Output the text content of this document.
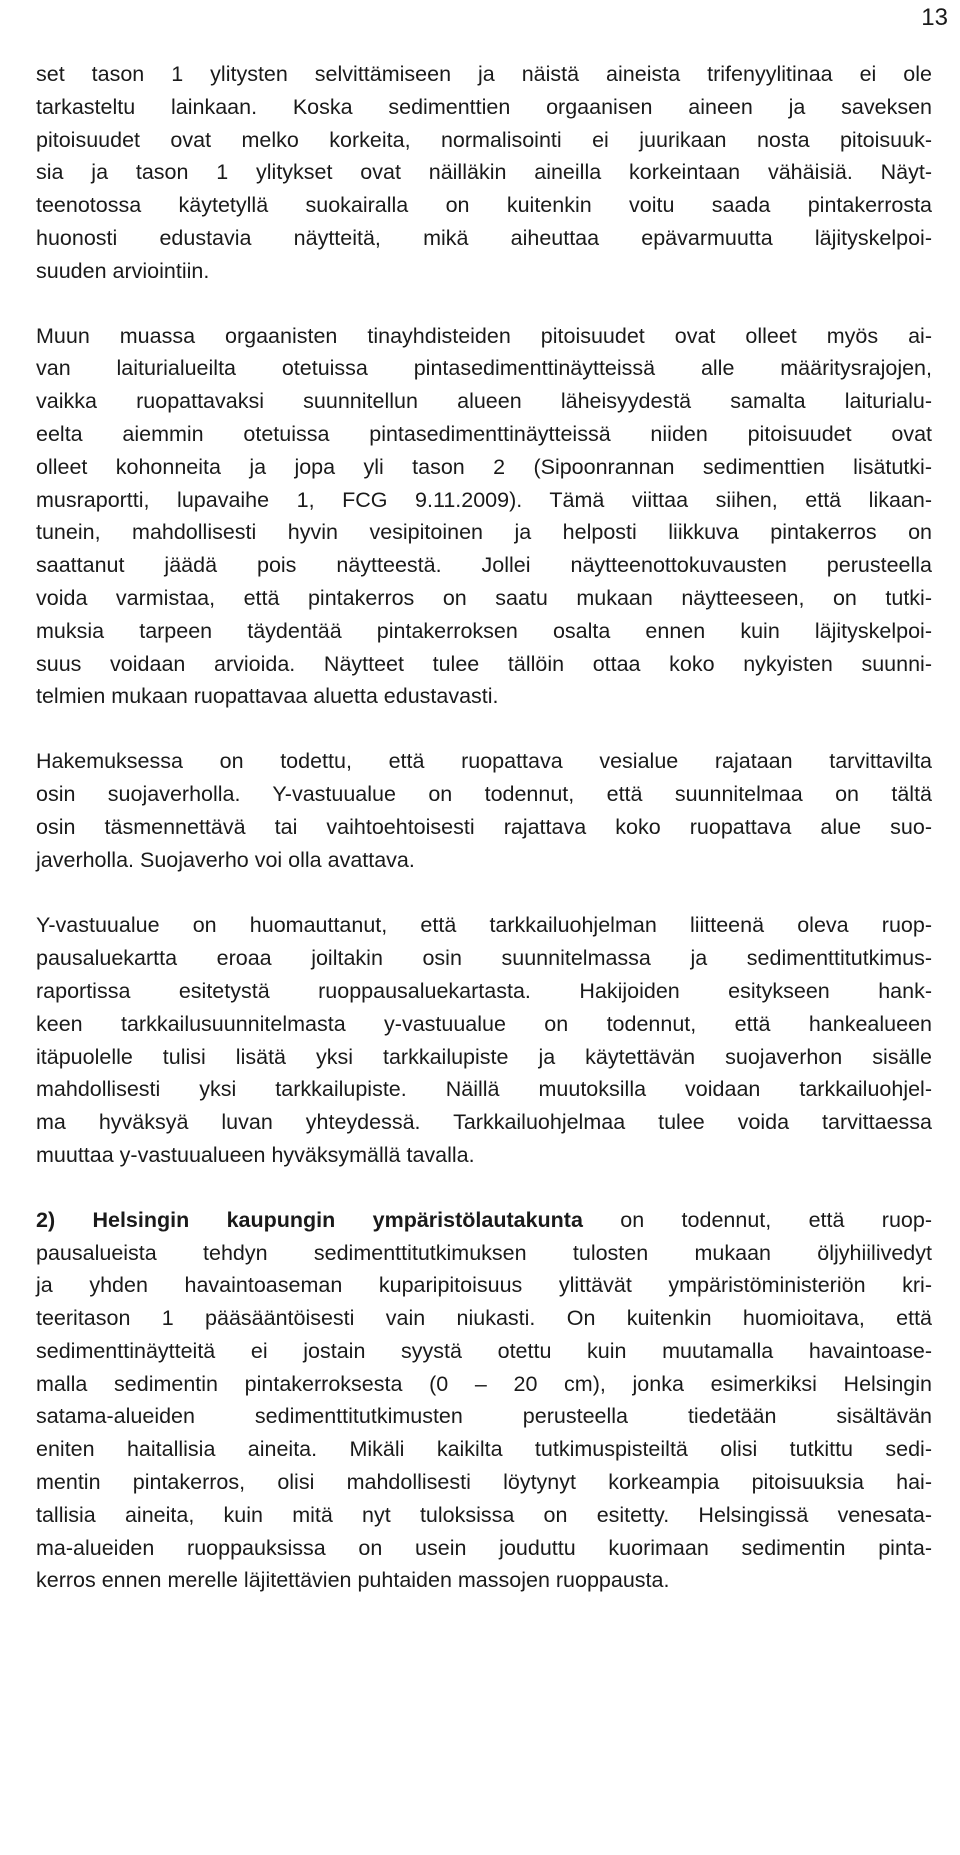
13

set tason 1 ylitysten selvittämiseen ja näistä aineista trifenyylitinaa ei ole
tarkasteltu lainkaan. Koska sedimenttien orgaanisen aineen ja saveksen
pitoisuudet ovat melko korkeita, normalisointi ei juurikaan nosta pitoisuuk-
sia ja tason 1 ylitykset ovat näilläkin aineilla korkeintaan vähäisiä. Näyt-
teenotossa käytetyllä suokairalla on kuitenkin voitu saada pintakerrosta
huonosti edustavia näytteitä, mikä aiheuttaa epävarmuutta läjityskelpoi-
suuden arviointiin.

Muun muassa orgaanisten tinayhdisteiden pitoisuudet ovat olleet myös ai-
van laiturialueilta otetuissa pintasedimenttinäytteissä alle määritysrajojen,
vaikka ruopattavaksi suunnitellun alueen läheisyydestä samalta laiturialu-
eelta aiemmin otetuissa pintasedimenttinäytteissä niiden pitoisuudet ovat
olleet kohonneita ja jopa yli tason 2 (Sipoonrannan sedimenttien lisätutki-
musraportti, lupavaihe 1, FCG 9.11.2009). Tämä viittaa siihen, että likaan-
tunein, mahdollisesti hyvin vesipitoinen ja helposti liikkuva pintakerros on
saattanut jäädä pois näytteestä. Jollei näytteenottokuvausten perusteella
voida varmistaa, että pintakerros on saatu mukaan näytteeseen, on tutki-
muksia tarpeen täydentää pintakerroksen osalta ennen kuin läjityskelpoi-
suus voidaan arvioida. Näytteet tulee tällöin ottaa koko nykyisten suunni-
telmien mukaan ruopattavaa aluetta edustavasti.

Hakemuksessa on todettu, että ruopattava vesialue rajataan tarvittavilta
osin suojaverholla. Y-vastuualue on todennut, että suunnitelmaa on tältä
osin täsmennettävä tai vaihtoehtoisesti rajattava koko ruopattava alue suo-
javerholla. Suojaverho voi olla avattava.

Y-vastuualue on huomauttanut, että tarkkailuohjelman liitteenä oleva ruop-
pausaluekartta eroaa joiltakin osin suunnitelmassa ja sedimenttitutkimus-
raportissa esitetystä ruoppausaluekartasta. Hakijoiden esitykseen hank-
keen tarkkailusuunnitelmasta y-vastuualue on todennut, että hankealueen
itäpuolelle tulisi lisätä yksi tarkkailupiste ja käytettävän suojaverhon sisälle
mahdollisesti yksi tarkkailupiste. Näillä muutoksilla voidaan tarkkailuohjel-
ma hyväksyä luvan yhteydessä. Tarkkailuohjelmaa tulee voida tarvittaessa
muuttaa y-vastuualueen hyväksymällä tavalla.

2) Helsingin kaupungin ympäristölautakunta on todennut, että ruop-
pausalueista tehdyn sedimenttitutkimuksen tulosten mukaan öljyhiilivedyt
ja yhden havaintoaseman kuparipitoisuus ylittävät ympäristöministeriön kri-
teeritason 1 pääsääntöisesti vain niukasti. On kuitenkin huomioitava, että
sedimenttinäytteitä ei jostain syystä otettu kuin muutamalla havaintoase-
malla sedimentin pintakerroksesta (0 – 20 cm), jonka esimerkiksi Helsingin
satama-alueiden sedimenttitutkimusten perusteella tiedetään sisältävän
eniten haitallisia aineita. Mikäli kaikilta tutkimuspisteiltä olisi tutkittu sedi-
mentin pintakerros, olisi mahdollisesti löytynyt korkeampia pitoisuuksia hai-
tallisia aineita, kuin mitä nyt tuloksissa on esitetty. Helsingissä venesata-
ma-alueiden ruoppauksissa on usein jouduttu kuorimaan sedimentin pinta-
kerros ennen merelle läjitettävien puhtaiden massojen ruoppausta.
